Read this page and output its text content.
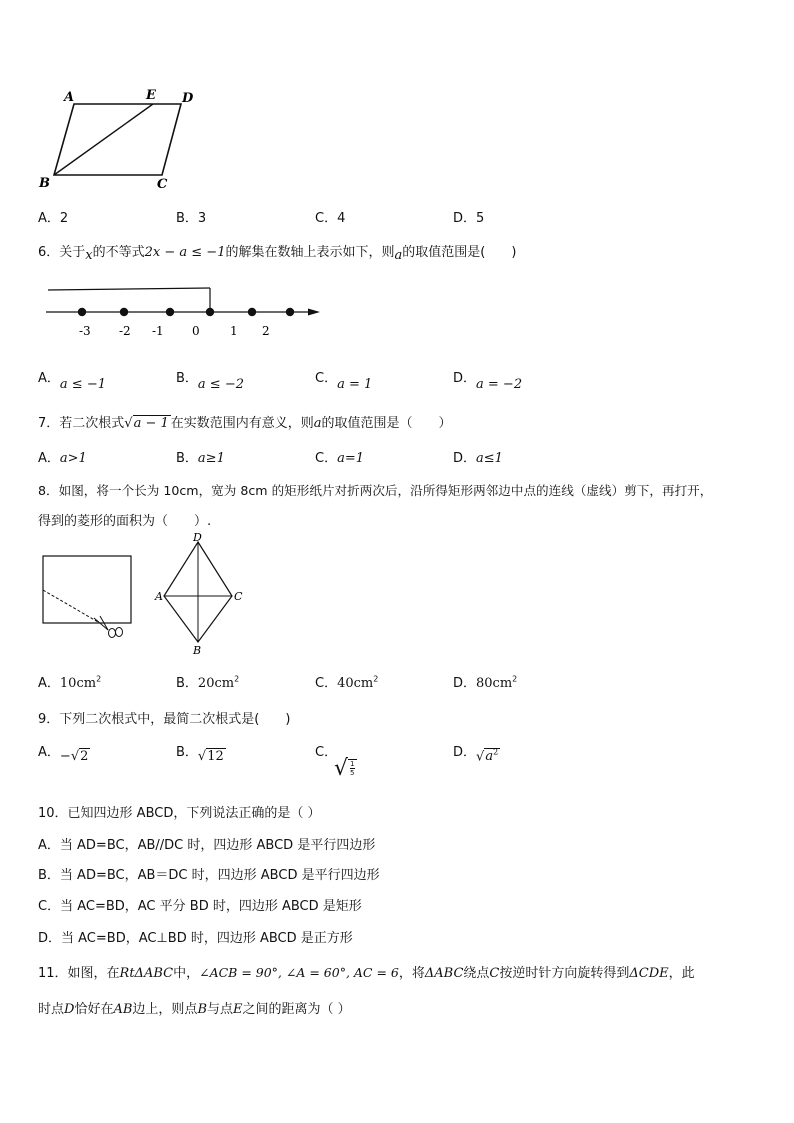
A	E D
B	C
A．2	B．3	C．4	D．5
6．关于x的不等式2x − a ≤ −1的解集在数轴上表示如下，则a的取值范围是(　　)
-3 -2 -1 0	1 2
A．a ≤ −1	B．a ≤ −2	C．a = 1	D．a = −2
7．若二次根式√a − 1 在实数范围内有意义，则a的取值范围是（　　）
A．a>1	B．a≥1	C．a=1	D．a≤1
8．如图，将一个长为 10cm，宽为 8cm 的矩形纸片对折两次后，沿所得矩形两邻边中点的连线（虚线）剪下，再打开，
得到的菱形的面积为（　　）.
D
A	C
B
A．$10cm^2$	B．$20cm^2$	C．$40cm^2$	D．$80cm^2$
9．下列二次根式中，最简二次根式是(　　)
A．−√2	B．√12	C．
√ $\frac{1}{5}$
D．$√a^2$
10．已知四边形 ABCD，下列说法正确的是（ ）
A．当 AD=BC，AB//DC 时，四边形 ABCD 是平行四边形
B．当 AD=BC，AB＝DC 时，四边形 ABCD 是平行四边形
C．当 AC=BD，AC 平分 BD 时，四边形 ABCD 是矩形
D．当 AC=BD，AC⊥BD 时，四边形 ABCD 是正方形
11．如图，在RtΔABC中，∠ACB = 90°, ∠A = 60°, AC = 6，将ΔABC绕点C按逆时针方向旋转得到ΔCDE，此
时点D恰好在AB边上，则点B与点E之间的距离为（ ）
